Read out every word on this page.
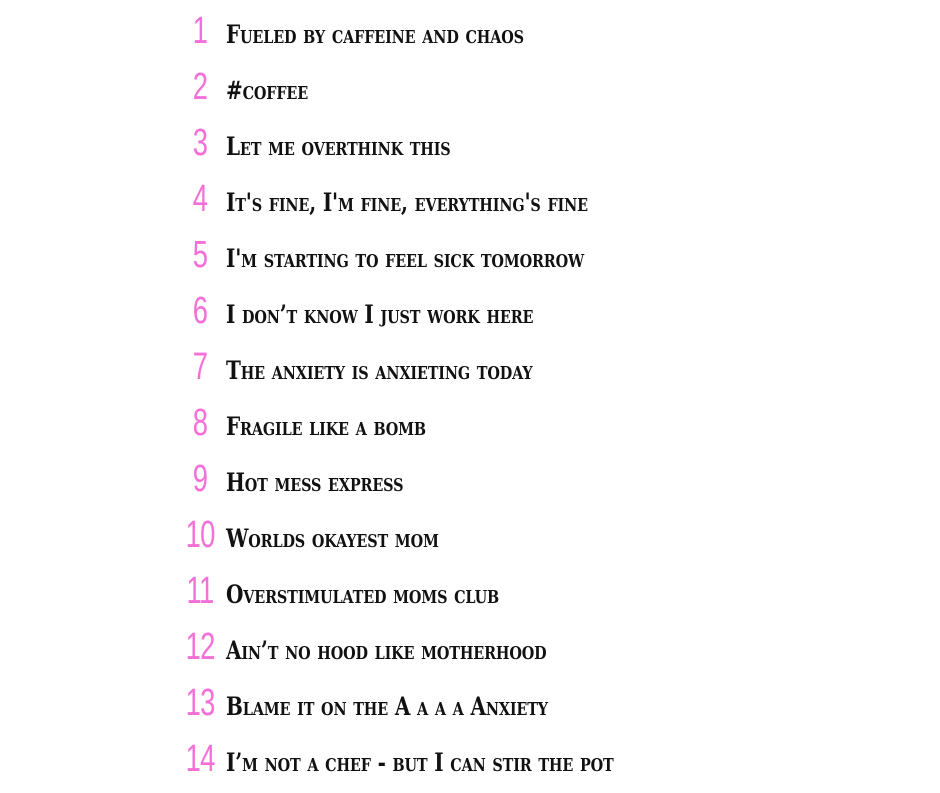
1 Fueled by caffeine and chaos
2 #coffee
3 Let me overthink this
4 It's fine, I'm fine, everything's fine
5 I'm starting to feel sick tomorrow
6 I don’t know I just work here
7 The anxiety is anxieting today
8 Fragile like a bomb
9 Hot mess express
10 Worlds okayest mom
11 Overstimulated moms club
12 Ain’t no hood like motherhood
13 Blame it on the A a a a Anxiety
14 I’m not a chef - but I can stir the pot
